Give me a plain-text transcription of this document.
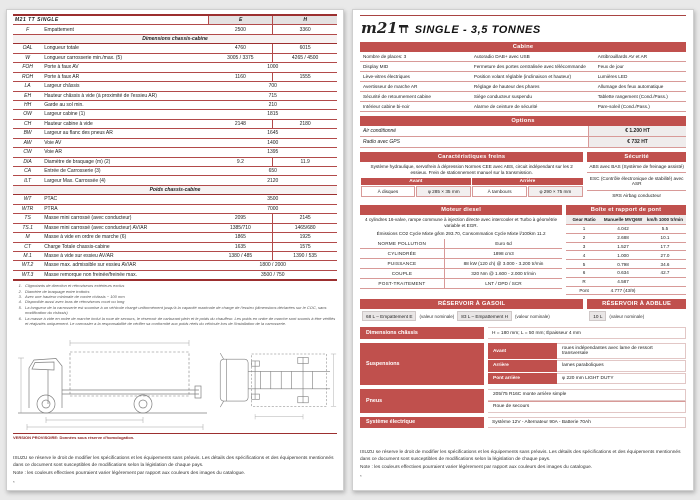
M21 TT SINGLE		E	H
F	Empattement	2500	3360
Dimensions chassis-cabine			
OAL	Longueur totale	4760	6015
W	Longueur carrosserie min./max. (5)	3005 / 3375	4265 / 4500
FOH	Porte à faux AV	1000	
ROH	Porte à faux AR	1160	1555
LA	Largeur châssis	700	
EH	Hauteur châssis à vide (à proximité de l'essieu AR)	715	
HH	Garde au sol min.	210	
OW	Largeur cabine (1)	1815	
CH	Hauteur cabine à vide	2148	2180
BW	Largeur au flanc des pneus AR	1645	
AW	Voie AV	1400	
CW	Voie AR	1395	
DIA	Diamètre de braquage (m) (2)	9.2	11.9
CA	Entrée de Carrosserie (3)	650	
ILT	Largeur Max. Carrossée (4)	2120	
Poids chassis-cabine			
WT	PTAC	3500	
WTR	PTRA	7000	
TS	Masse mini carrossé (avec conducteur)	2095	2145
TS.1	Masse mini carrossé (avec conducteur) AV/AR	1385/710	1465/680
M	Masse à vide en ordre de marche (6)	1865	1925
CT	Charge Totale chassis-cabine	1635	1575
M.1	Masse à vide sur essieu AV/AR	1380 / 485	1390 / 535
WT.2	Masse max. admissible sur essieu AV/AR	1800 / 2000	
WT.3	Masse remorque non freinée/freinée max.	3500 / 750	
1. Clignotants de direction et rétroviseurs extérieurs exclus
2. Diamètre de braquage entre trottoirs
3. Avec une hauteur minimale de contre châssis ~ 100 mm
4. Disponible aussi avec bras de rétroviseurs court ou long
5. La longueur de la carrosserie est soumise à un véhicule chargé uniformément jusqu'à la capacité maximale de charge de l'essieu (dimensions déclarées sur le COC, sans modification du châssis)
6. La masse à vide en ordre de marche inclut la roue de secours, le réservoir de carburant plein et le poids du chauffeur. Les poids en ordre de marche sont soumis à être vérifiés et réajustés uniquement. Le carrossier a la responsabilité de vérifier sa conformité aux poids réels du véhicule lors de l'installation de la carrosserie.
VERSION PROVISOIRE: Données sous réserve d'homologation.
ISUZU se réserve le droit de modifier les spécifications et les équipements sans préavis. Les détails des spécifications et des équipements mentionnés dans ce document sont susceptibles de modifications selon la législation de chaque pays.
Note : les couleurs effectives pourraient varier légèrement par rapport aux couleurs des images du catalogue.
*
m21TT SINGLE - 3,5 TONNES
Cabine
Nombre de places: 3	Autoradio DAB+ avec USB	Antibrouillards AV et AR
Display MID	Fermeture des portes centralisée avec télécommande	Feux de jour
Lève-vitres électriques	Position volant réglable (inclinaison et hauteur)	Lumières LED
Avertisseur de marche AR	Réglage de hauteur des phares	Allumage des feux automatique
Sécurité de retournement cabine	Siège conducteur suspendu	Tablette rangement (Cond./Pass.)
Intérieur cabine bi-noir	Alarme de ceinture de sécurité	Pare-soleil (Cond./Pass.)
Options
Air conditionné	€ 1.200 HT
Radio avec GPS	€ 732 HT
Caractéristiques freins
Système hydraulique, servofrein à dépression Normes CEE avec ABS, circuit indépendant sur les 2 essieux. Frein de stationnement manuel sur la transmission.
Avant
À disques	φ 285 × 35 mm
Arrière
À tambours	φ 290 × 75 mm
Sécurité
ABS avec BAS (Système de freinage assisté)
ESC (Contrôle électronique de stabilité) avec ASR
SRS Airbag conducteur
Moteur diesel
4 cylindres 16-valve, rampe commune à injection directe avec intercooler et Turbo à géométrie variable et EGR.
Émissions CO2 Cycle Mixte g/km 293.70, Consommation Cycle Mixte l/100km 11.2
NORME POLLUTION	Euro 6d
CYLINDRÉE	1898 cm3
PUISSANCE	88 kW (120 ch) @ 3.000 - 3.200 tr/min
COUPLE	320 Nm @ 1.600 - 2.000 tr/min
POST-TRAITEMENT	LNT / DPD / SCR
Boîte et rapport de pont
Gear Ratio	Manuelle MVQ6W	km/h 1000 tr/min
1	4.042	5.5
2	2.688	10.1
3	1.527	17.7
4	1.000	27.0
5	0.798	34.6
6	0.634	42.7
R	4.587
Pont	4.777 (43/9)
RÉSERVOIR À GASOIL
68 L – Empattement E	(valeur nominale)	83 L – Empattement H	(valeur nominale)
RÉSERVOIR À ADBLUE
10 L	(valeur nominale)
Dimensions châssis	H = 180 mm; L = 50 mm; Épaisseur 4 mm
Suspensions
Avant	roues indépendantes avec lame de ressort transversale
Arrière	lames paraboliques
Pont arrière	φ 220 mm LIGHT DUTY
Pneus
205/75 R16C monte arrière simple
Roue de secours
Système électrique	Système 12V - Alternateur 90A - Batterie 70Ah
ISUZU se réserve le droit de modifier les spécifications et les équipements sans préavis. Les détails des spécifications et des équipements mentionnés dans ce document sont susceptibles de modifications selon la législation de chaque pays.
Note : les couleurs effectives pourraient varier légèrement par rapport aux couleurs des images du catalogue.
*
